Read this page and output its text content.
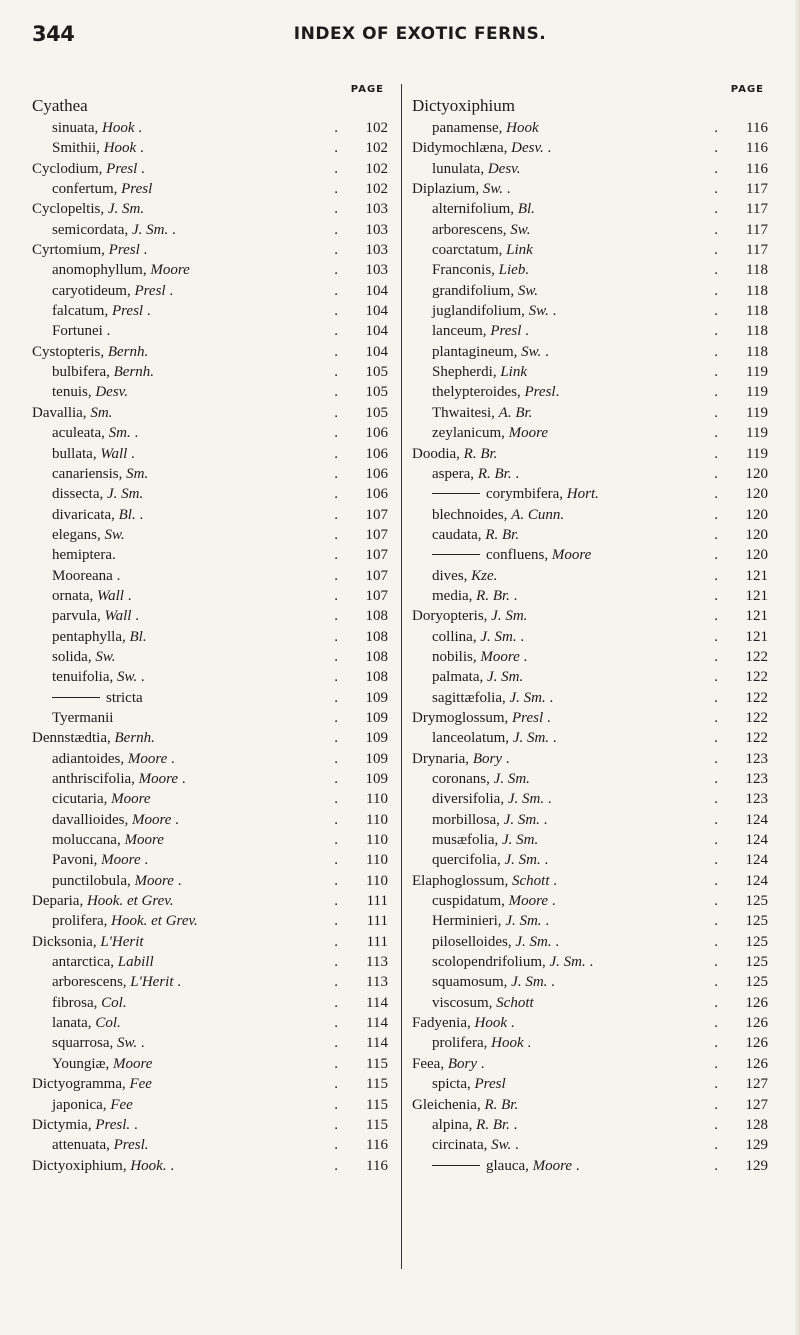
344	INDEX OF EXOTIC FERNS.
PAGE
Cyathea
sinuata, Hook .	. 102
Smithii, Hook .	. 102
Cyclodium, Presl .	. 102
confertum, Presl	. 102
Cyclopeltis, J. Sm.	. 103
semicordata, J. Sm. .	. 103
Cyrtomium, Presl .	. 103
anomophyllum, Moore	. 103
caryotideum, Presl .	. 104
falcatum, Presl .	. 104
Fortunei .	. 104
Cystopteris, Bernh.	. 104
bulbifera, Bernh.	. 105
tenuis, Desv.	. 105
Davallia, Sm.	. 105
aculeata, Sm. .	. 106
bullata, Wall .	. 106
canariensis, Sm.	. 106
dissecta, J. Sm.	. 106
divaricata, Bl. .	. 107
elegans, Sw.	. 107
hemiptera.	. 107
Mooreana .	. 107
ornata, Wall .	. 107
parvula, Wall .	. 108
pentaphylla, Bl.	. 108
solida, Sw.	. 108
tenuifolia, Sw. .	. 108
stricta	. 109
Tyermanii	. 109
Dennstædtia, Bernh.	. 109
adiantoides, Moore .	. 109
anthriscifolia, Moore .	. 109
cicutaria, Moore	. 110
davallioides, Moore .	. 110
moluccana, Moore	. 110
Pavoni, Moore .	. 110
punctilobula, Moore .	. 110
Deparia, Hook. et Grev.	. 111
prolifera, Hook. et Grev.	. 111
Dicksonia, L'Herit	. 111
antarctica, Labill	. 113
arborescens, L'Herit .	. 113
fibrosa, Col.	. 114
lanata, Col.	. 114
squarrosa, Sw. .	. 114
Youngiæ, Moore	. 115
Dictyogramma, Fee	. 115
japonica, Fee	. 115
Dictymia, Presl. .	. 115
attenuata, Presl.	. 116
Dictyoxiphium, Hook. .	. 116
PAGE
Dictyoxiphium
panamense, Hook	. 116
Didymochlæna, Desv. .	. 116
lunulata, Desv.	. 116
Diplazium, Sw. .	. 117
alternifolium, Bl.	. 117
arborescens, Sw.	. 117
coarctatum, Link	. 117
Franconis, Lieb.	. 118
grandifolium, Sw.	. 118
juglandifolium, Sw. .	. 118
lanceum, Presl .	. 118
plantagineum, Sw. .	. 118
Shepherdi, Link	. 119
thelypteroides, Presl.	. 119
Thwaitesi, A. Br.	. 119
zeylanicum, Moore	. 119
Doodia, R. Br.	. 119
aspera, R. Br. .	. 120
corymbifera, Hort.	. 120
blechnoides, A. Cunn.	. 120
caudata, R. Br.	. 120
confluens, Moore	. 120
dives, Kze.	. 121
media, R. Br. .	. 121
Doryopteris, J. Sm.	. 121
collina, J. Sm. .	. 121
nobilis, Moore .	. 122
palmata, J. Sm.	. 122
sagittæfolia, J. Sm. .	. 122
Drymoglossum, Presl .	. 122
lanceolatum, J. Sm. .	. 122
Drynaria, Bory .	. 123
coronans, J. Sm.	. 123
diversifolia, J. Sm. .	. 123
morbillosa, J. Sm. .	. 124
musæfolia, J. Sm.	. 124
quercifolia, J. Sm. .	. 124
Elaphoglossum, Schott .	. 124
cuspidatum, Moore .	. 125
Herminieri, J. Sm. .	. 125
piloselloides, J. Sm. .	. 125
scolopendrifolium, J. Sm. .	. 125
squamosum, J. Sm. .	. 125
viscosum, Schott	. 126
Fadyenia, Hook .	. 126
prolifera, Hook .	. 126
Feea, Bory .	. 126
spicta, Presl	. 127
Gleichenia, R. Br.	. 127
alpina, R. Br. .	. 128
circinata, Sw. .	. 129
glauca, Moore .	. 129
